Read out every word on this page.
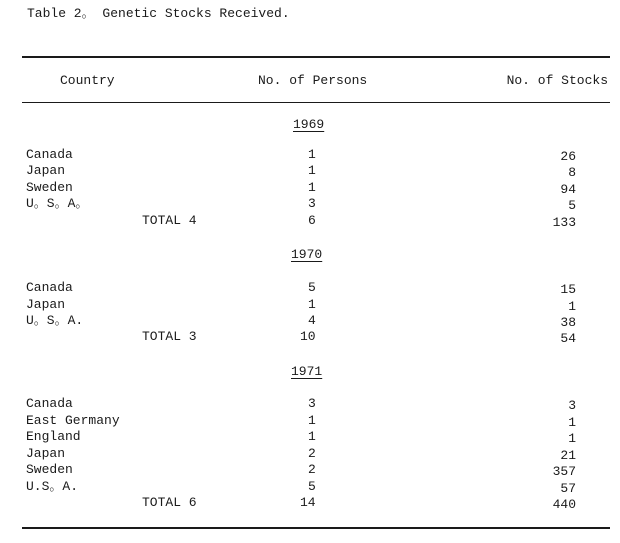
Table 2。 Genetic Stocks Received.
Country	No. of Persons	No. of Stocks
1969
Canada	1	26
Japan	1	8
Sweden	1	94
U。S。A。	3	5
TOTAL 4	6	133
1970
Canada	5	15
Japan	1	1
U。S。A.	4	38
TOTAL 3	10	54
1971
Canada	3	3
East Germany	1	1
England	1	1
Japan	2	21
Sweden	2	357
U.S。A.	5	57
TOTAL 6	14	440
